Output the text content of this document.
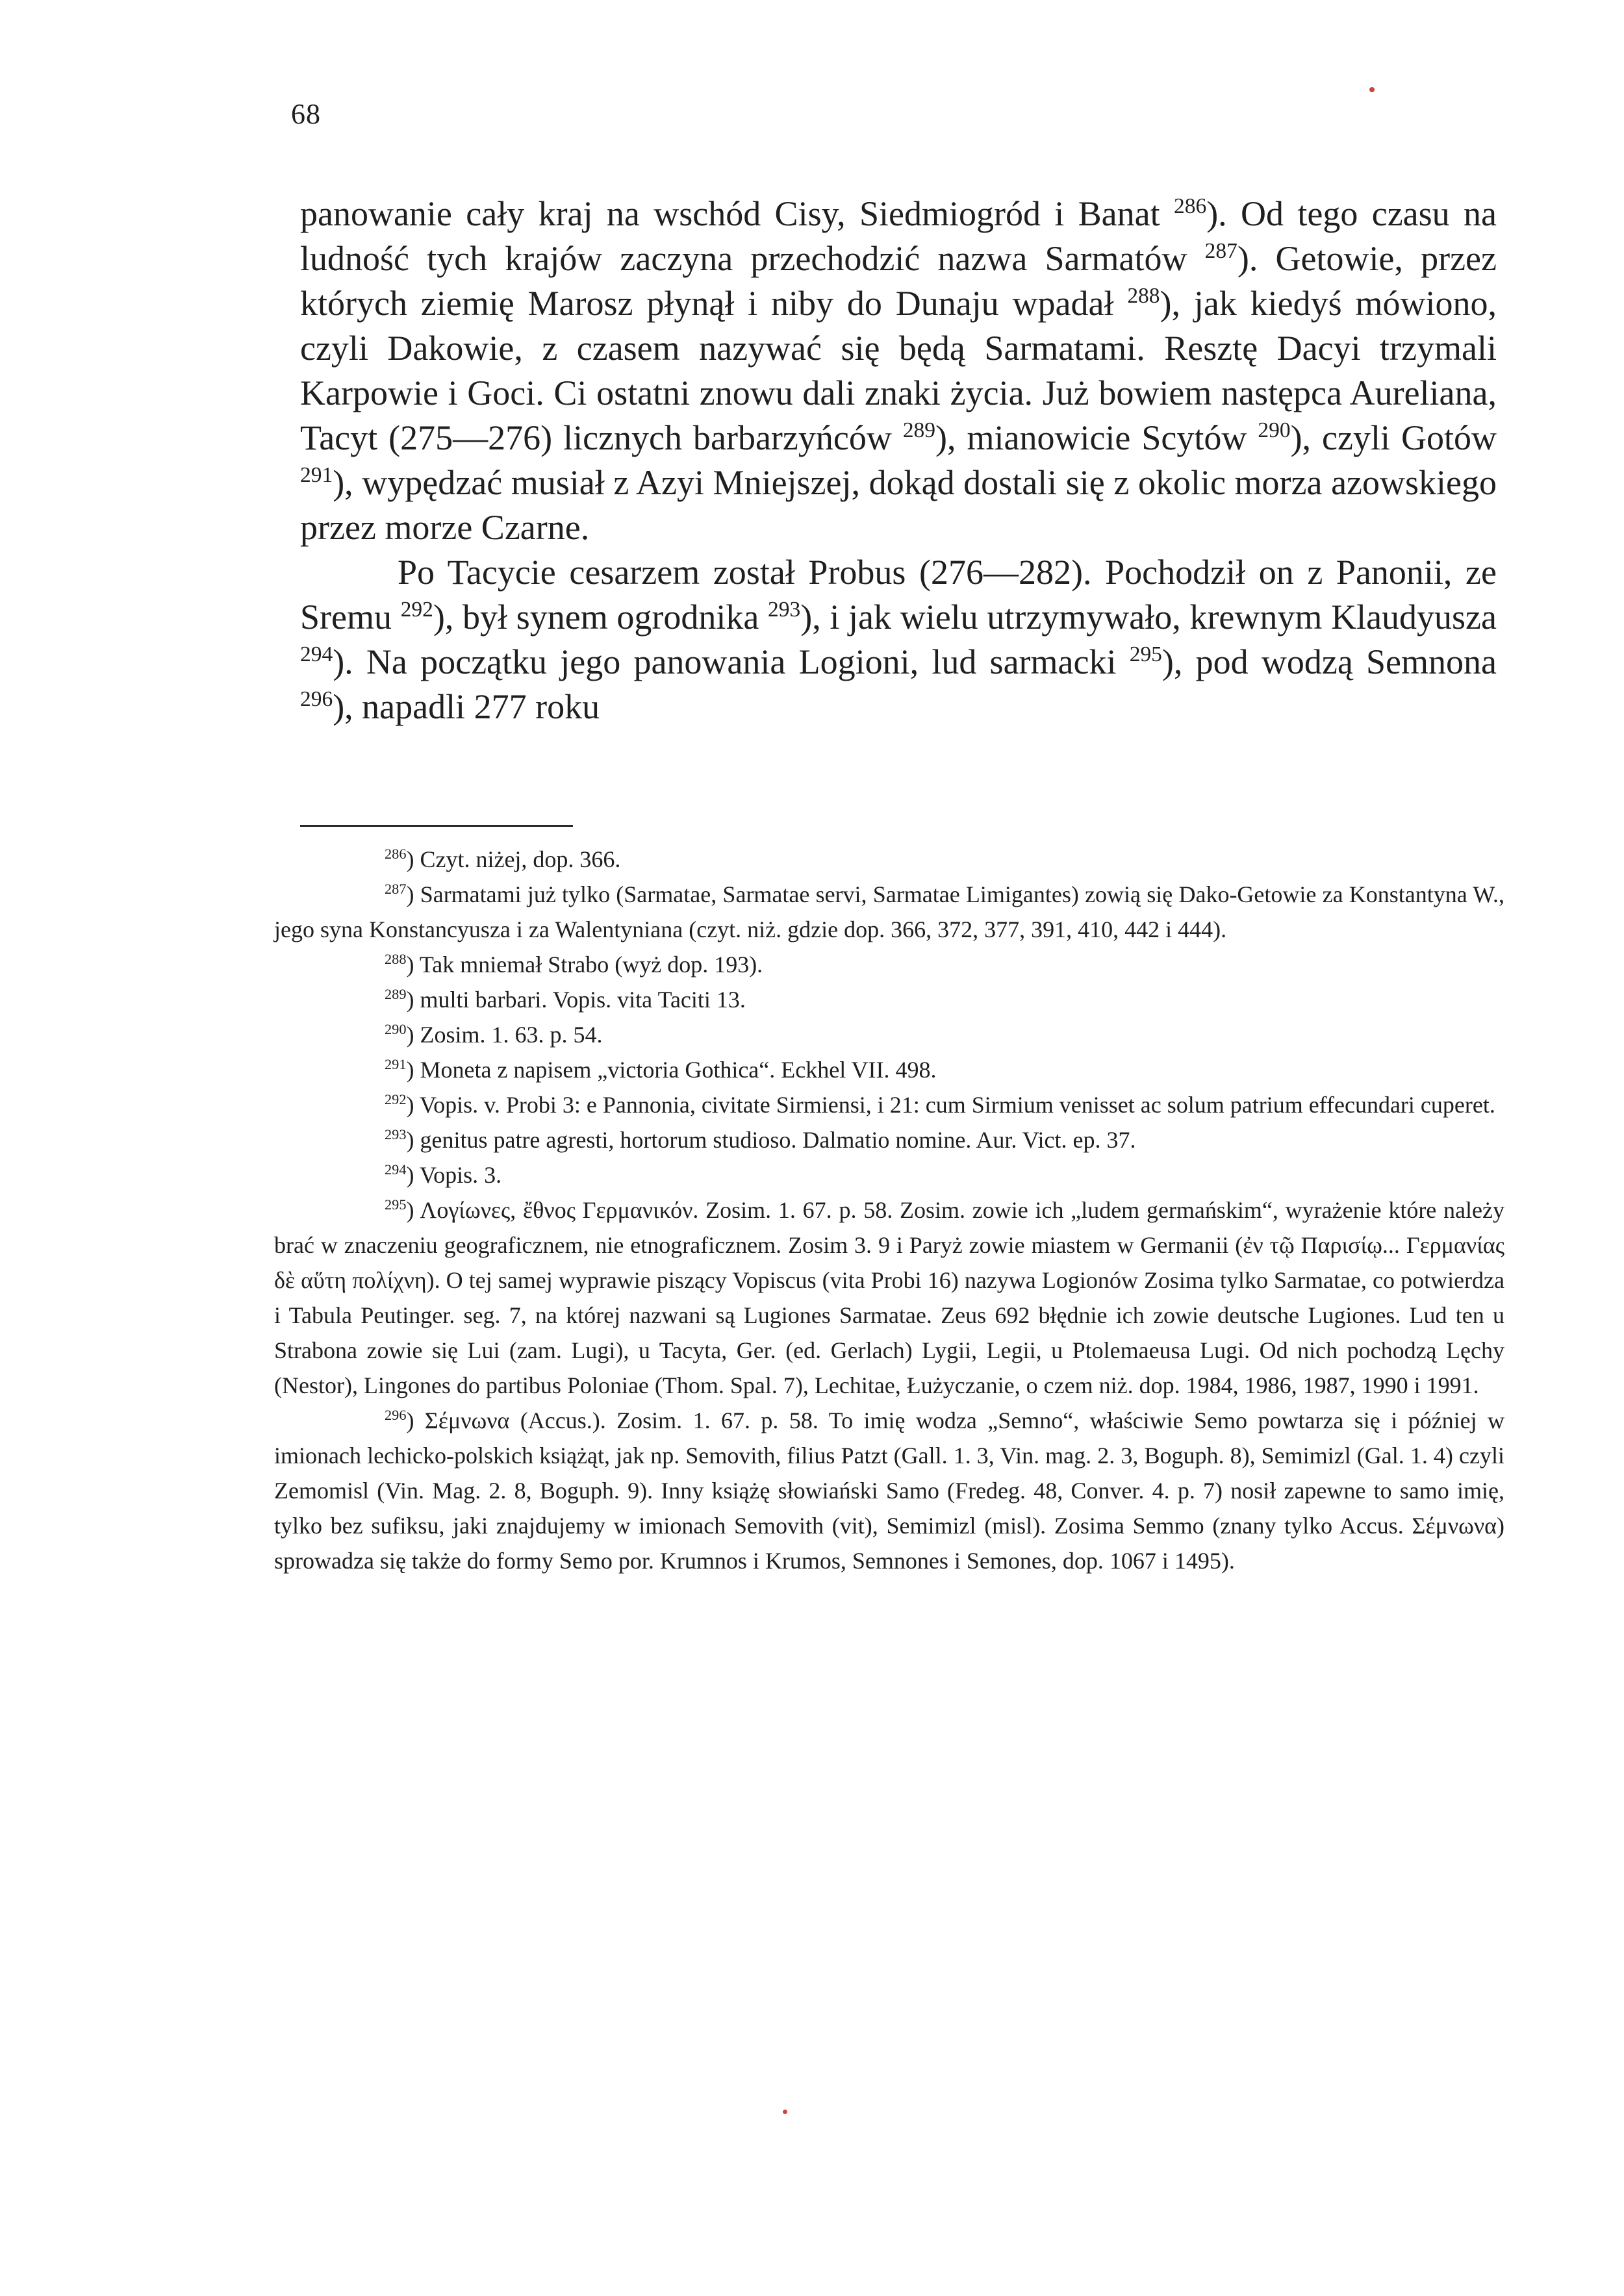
68

panowanie cały kraj na wschód Cisy, Siedmiogród i Banat $^{286}$). Od tego czasu na ludność tych krajów zaczyna przechodzić nazwa Sarmatów $^{287}$). Getowie, przez których ziemię Marosz płynął i niby do Dunaju wpadał $^{288}$), jak kiedyś mówiono, czyli Dakowie, z czasem nazywać się będą Sarmatami. Resztę Dacyi trzymali Karpowie i Goci. Ci ostatni znowu dali znaki życia. Już bowiem następca Aureliana, Tacyt (275—276) licznych barbarzyńców $^{289}$), mianowicie Scytów $^{290}$), czyli Gotów $^{291}$), wypędzać musiał z Azyi Mniejszej, dokąd dostali się z okolic morza azowskiego przez morze Czarne.

Po Tacycie cesarzem został Probus (276—282). Pochodził on z Panonii, ze Sremu $^{292}$), był synem ogrodnika $^{293}$), i jak wielu utrzymywało, krewnym Klaudyusza $^{294}$). Na początku jego panowania Logioni, lud sarmacki $^{295}$), pod wodzą Semnona $^{296}$), napadli 277 roku

$^{286}$) Czyt. niżej, dop. 366.

$^{287}$) Sarmatami już tylko (Sarmatae, Sarmatae servi, Sarmatae Limigantes) zowią się Dako-Getowie za Konstantyna W., jego syna Konstancyusza i za Walentyniana (czyt. niż. gdzie dop. 366, 372, 377, 391, 410, 442 i 444).

$^{288}$) Tak mniemał Strabo (wyż dop. 193).

$^{289}$) multi barbari. Vopis. vita Taciti 13.

$^{290}$) Zosim. 1. 63. p. 54.

$^{291}$) Moneta z napisem „victoria Gothica“. Eckhel VII. 498.

$^{292}$) Vopis. v. Probi 3: e Pannonia, civitate Sirmiensi, i 21: cum Sirmium venisset ac solum patrium effecundari cuperet.

$^{293}$) genitus patre agresti, hortorum studioso. Dalmatio nomine. Aur. Vict. ep. 37.

$^{294}$) Vopis. 3.

$^{295}$) Λογίωνες, ἔθνος Γερμανικόν. Zosim. 1. 67. p. 58. Zosim. zowie ich „ludem germańskim“, wyrażenie które należy brać w znaczeniu geograficznem, nie etnograficznem. Zosim 3. 9 i Paryż zowie miastem w Germanii (ἐν τῷ Παρισίῳ... Γερμανίας δὲ αὕτη πολίχνη). O tej samej wyprawie piszący Vopiscus (vita Probi 16) nazywa Logionów Zosima tylko Sarmatae, co potwierdza i Tabula Peutinger. seg. 7, na której nazwani są Lugiones Sarmatae. Zeus 692 błędnie ich zowie deutsche Lugiones. Lud ten u Strabona zowie się Lui (zam. Lugi), u Tacyta, Ger. (ed. Gerlach) Lygii, Legii, u Ptolemaeusa Lugi. Od nich pochodzą Lęchy (Nestor), Lingones do partibus Poloniae (Thom. Spal. 7), Lechitae, Łużyczanie, o czem niż. dop. 1984, 1986, 1987, 1990 i 1991.

$^{296}$) Σέμνωνα (Accus.). Zosim. 1. 67. p. 58. To imię wodza „Semno“, właściwie Semo powtarza się i później w imionach lechicko-polskich książąt, jak np. Semovith, filius Patzt (Gall. 1. 3, Vin. mag. 2. 3, Boguph. 8), Semimizl (Gal. 1. 4) czyli Zemomisl (Vin. Mag. 2. 8, Boguph. 9). Inny książę słowiański Samo (Fredeg. 48, Conver. 4. p. 7) nosił zapewne to samo imię, tylko bez sufiksu, jaki znajdujemy w imionach Semovith (vit), Semimizl (misl). Zosima Semmo (znany tylko Accus. Σέμνωνα) sprowadza się także do formy Semo por. Krumnos i Krumos, Semnones i Semones, dop. 1067 i 1495).
